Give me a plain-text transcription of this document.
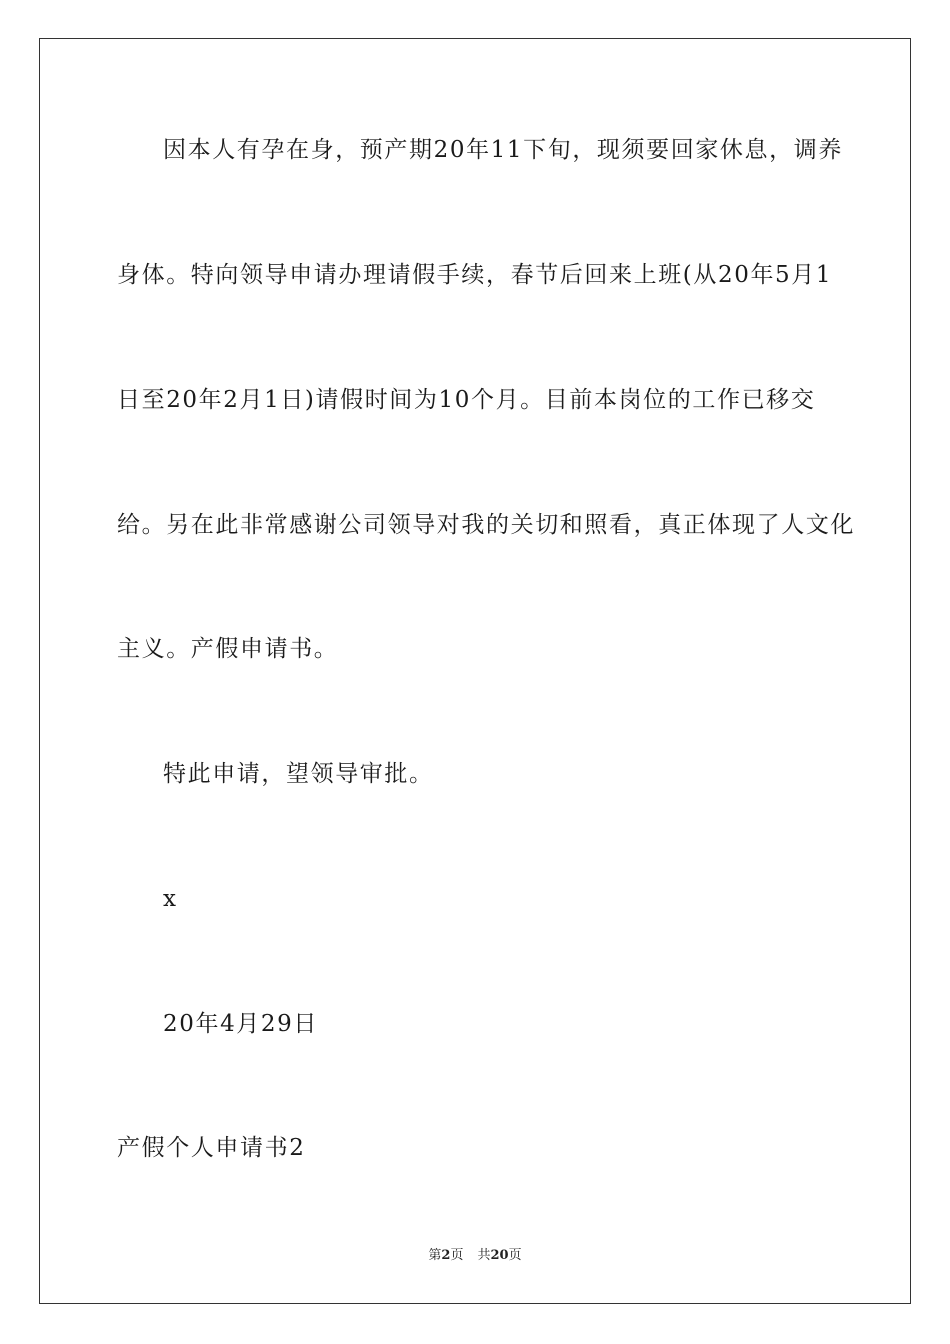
因本人有孕在身，预产期20年11下旬，现须要回家休息，调养
身体。特向领导申请办理请假手续，春节后回来上班(从20年5月1
日至20年2月1日)请假时间为10个月。目前本岗位的工作已移交
给。另在此非常感谢公司领导对我的关切和照看，真正体现了人文化
主义。产假申请书。
特此申请，望领导审批。
x
20年4月29日
产假个人申请书2
第2页 共20页
